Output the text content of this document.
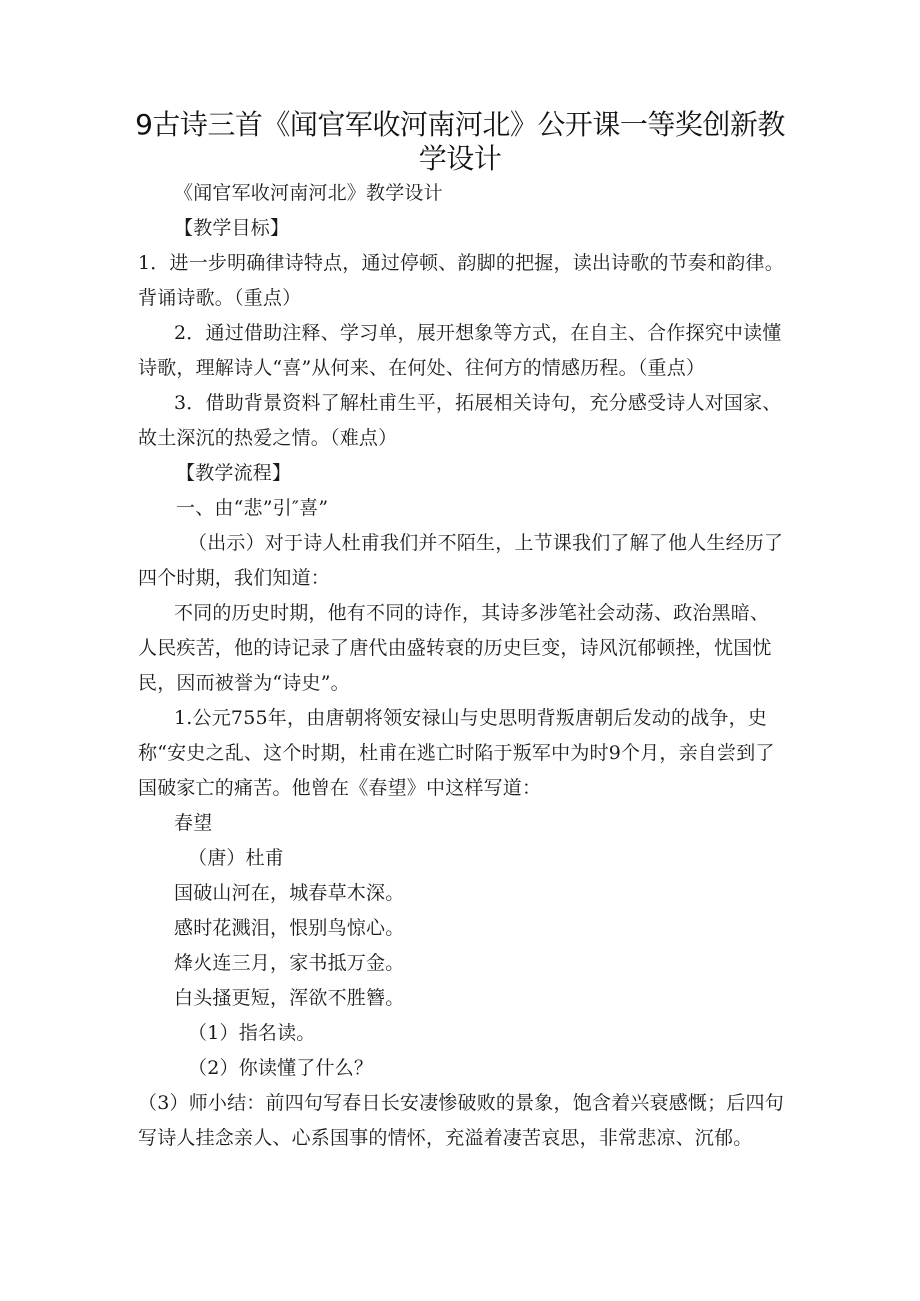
9古诗三首《闻官军收河南河北》公开课一等奖创新教学设计

《闻官军收河南河北》教学设计

【教学目标】

1．进一步明确律诗特点，通过停顿、韵脚的把握，读出诗歌的节奏和韵律。背诵诗歌。（重点）

2．通过借助注释、学习单，展开想象等方式，在自主、合作探究中读懂诗歌，理解诗人“喜”从何来、在何处、往何方的情感历程。（重点）

3．借助背景资料了解杜甫生平，拓展相关诗句，充分感受诗人对国家、故土深沉的热爱之情。（难点）

【教学流程】

一、由“悲”引″喜”

（出示）对于诗人杜甫我们并不陌生，上节课我们了解了他人生经历了四个时期，我们知道：

不同的历史时期，他有不同的诗作，其诗多涉笔社会动荡、政治黑暗、人民疾苦，他的诗记录了唐代由盛转衰的历史巨变，诗风沉郁顿挫，忧国忧民，因而被誉为“诗史”。

1.公元755年，由唐朝将领安禄山与史思明背叛唐朝后发动的战争，史称“安史之乱、这个时期，杜甫在逃亡时陷于叛军中为时9个月，亲自尝到了国破家亡的痛苦。他曾在《春望》中这样写道：

春望

（唐）杜甫

国破山河在，城春草木深。

感时花溅泪，恨别鸟惊心。

烽火连三月，家书抵万金。

白头搔更短，浑欲不胜簪。

（1）指名读。

（2）你读懂了什么？

（3）师小结：前四句写春日长安凄惨破败的景象，饱含着兴衰感慨；后四句写诗人挂念亲人、心系国事的情怀，充溢着凄苦哀思，非常悲凉、沉郁。
